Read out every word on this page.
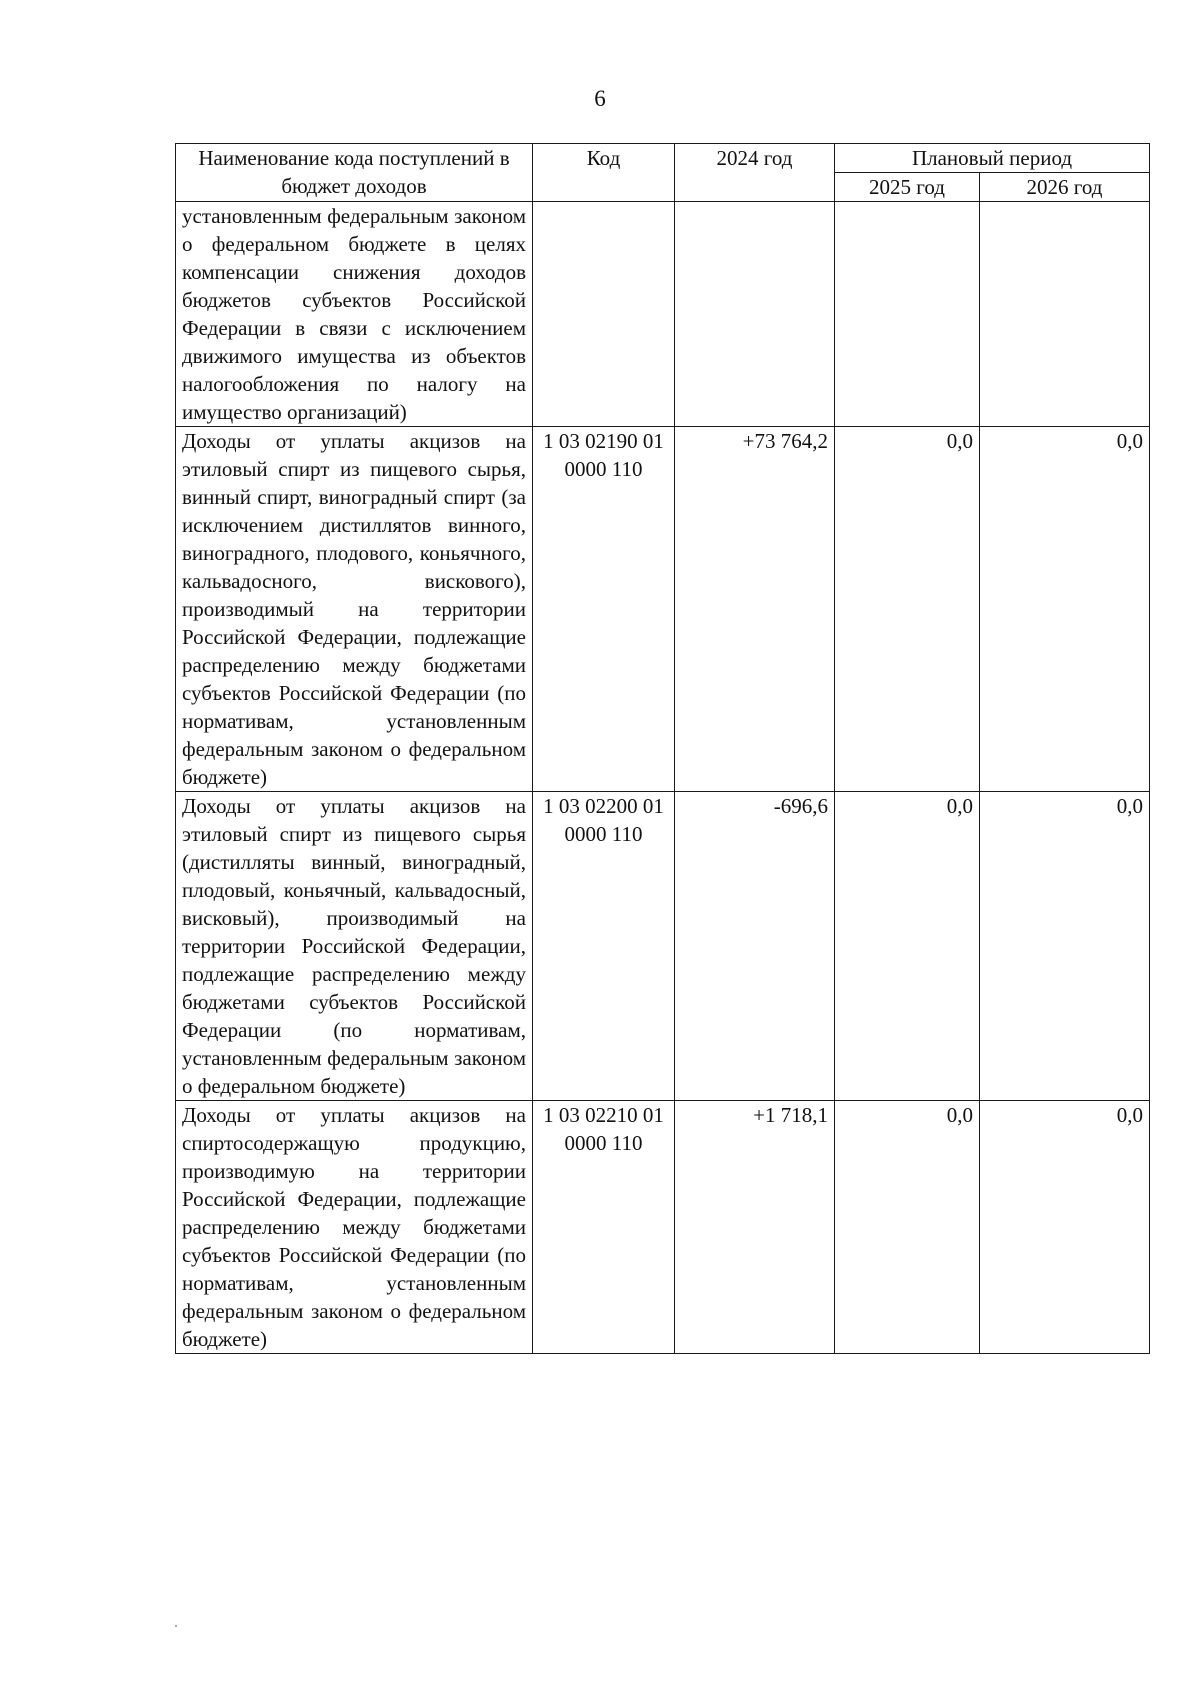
6
Наименование кода поступлений в бюджет доходов	Код	2024 год	Плановый период	
			2025 год	2026 год
установленным федеральным законом о федеральном бюджете в целях компенсации снижения доходов бюджетов субъектов Российской Федерации в связи с исключением движимого имущества из объектов налогообложения по налогу на имущество организаций)				
Доходы от уплаты акцизов на этиловый спирт из пищевого сырья, винный спирт, виноградный спирт (за исключением дистиллятов винного, виноградного, плодового, коньячного, кальвадосного, вискового), производимый на территории Российской Федерации, подлежащие распределению между бюджетами субъектов Российской Федерации (по нормативам, установленным федеральным законом о федеральном бюджете)	1 03 02190 01 0000 110	+73 764,2	0,0	0,0
Доходы от уплаты акцизов на этиловый спирт из пищевого сырья (дистилляты винный, виноградный, плодовый, коньячный, кальвадосный, висковый), производимый на территории Российской Федерации, подлежащие распределению между бюджетами субъектов Российской Федерации (по нормативам, установленным федеральным законом о федеральном бюджете)	1 03 02200 01 0000 110	-696,6	0,0	0,0
Доходы от уплаты акцизов на спиртосодержащую продукцию, производимую на территории Российской Федерации, подлежащие распределению между бюджетами субъектов Российской Федерации (по нормативам, установленным федеральным законом о федеральном бюджете)	1 03 02210 01 0000 110	+1 718,1	0,0	0,0
